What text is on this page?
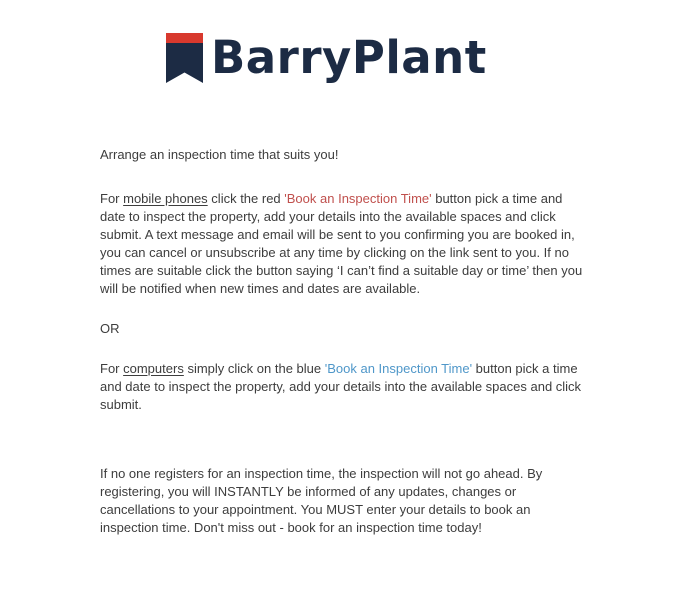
BarryPlant

Arrange an inspection time that suits you!

For mobile phones click the red 'Book an Inspection Time' button pick a time and date to inspect the property, add your details into the available spaces and click submit. A text message and email will be sent to you confirming you are booked in, you can cancel or unsubscribe at any time by clicking on the link sent to you. If no times are suitable click the button saying ‘I can’t find a suitable day or time’ then you will be notified when new times and dates are available.

OR

For computers simply click on the blue 'Book an Inspection Time' button pick a time and date to inspect the property, add your details into the available spaces and click submit.

If no one registers for an inspection time, the inspection will not go ahead. By registering, you will INSTANTLY be informed of any updates, changes or cancellations to your appointment. You MUST enter your details to book an inspection time. Don't miss out - book for an inspection time today!
